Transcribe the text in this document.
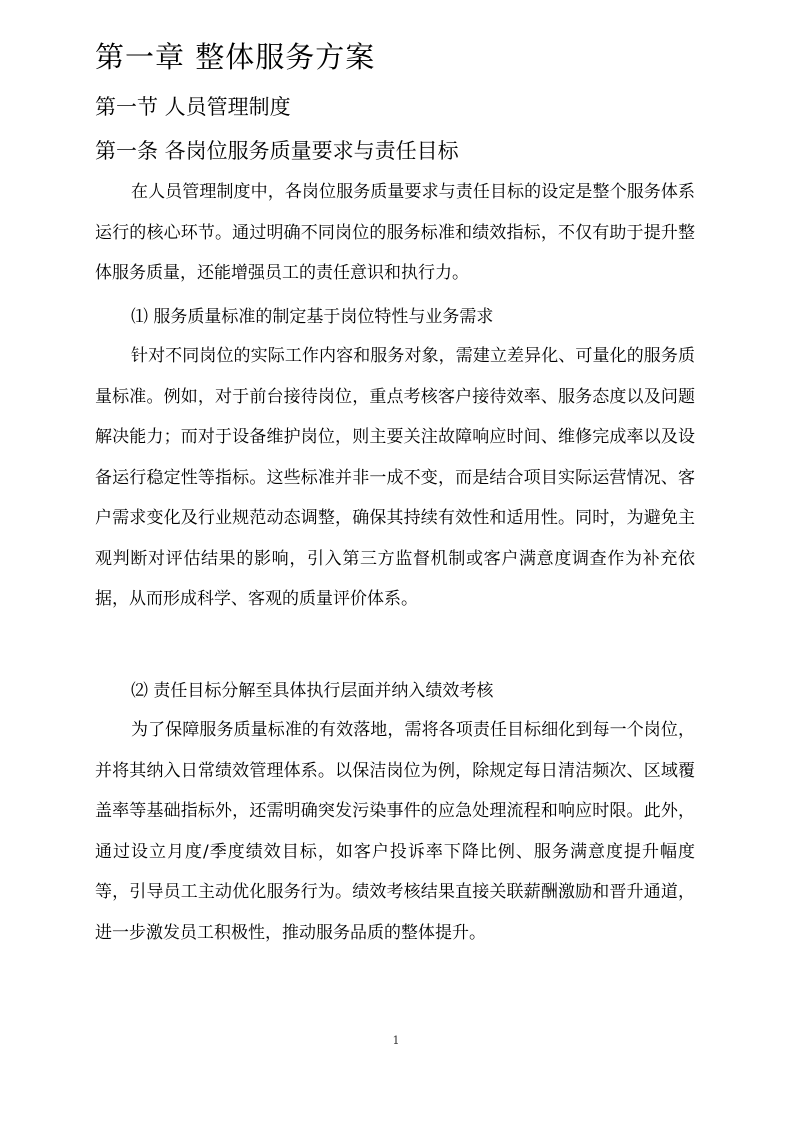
第一章 整体服务方案
第一节 人员管理制度
第一条 各岗位服务质量要求与责任目标

在人员管理制度中，各岗位服务质量要求与责任目标的设定是整个服务体系运行的核心环节。通过明确不同岗位的服务标准和绩效指标，不仅有助于提升整体服务质量，还能增强员工的责任意识和执行力。

⑴ 服务质量标准的制定基于岗位特性与业务需求

针对不同岗位的实际工作内容和服务对象，需建立差异化、可量化的服务质量标准。例如，对于前台接待岗位，重点考核客户接待效率、服务态度以及问题解决能力；而对于设备维护岗位，则主要关注故障响应时间、维修完成率以及设备运行稳定性等指标。这些标准并非一成不变，而是结合项目实际运营情况、客户需求变化及行业规范动态调整，确保其持续有效性和适用性。同时，为避免主观判断对评估结果的影响，引入第三方监督机制或客户满意度调查作为补充依据，从而形成科学、客观的质量评价体系。

⑵ 责任目标分解至具体执行层面并纳入绩效考核

为了保障服务质量标准的有效落地，需将各项责任目标细化到每一个岗位，并将其纳入日常绩效管理体系。以保洁岗位为例，除规定每日清洁频次、区域覆盖率等基础指标外，还需明确突发污染事件的应急处理流程和响应时限。此外，通过设立月度/季度绩效目标，如客户投诉率下降比例、服务满意度提升幅度等，引导员工主动优化服务行为。绩效考核结果直接关联薪酬激励和晋升通道，进一步激发员工积极性，推动服务品质的整体提升。

1
